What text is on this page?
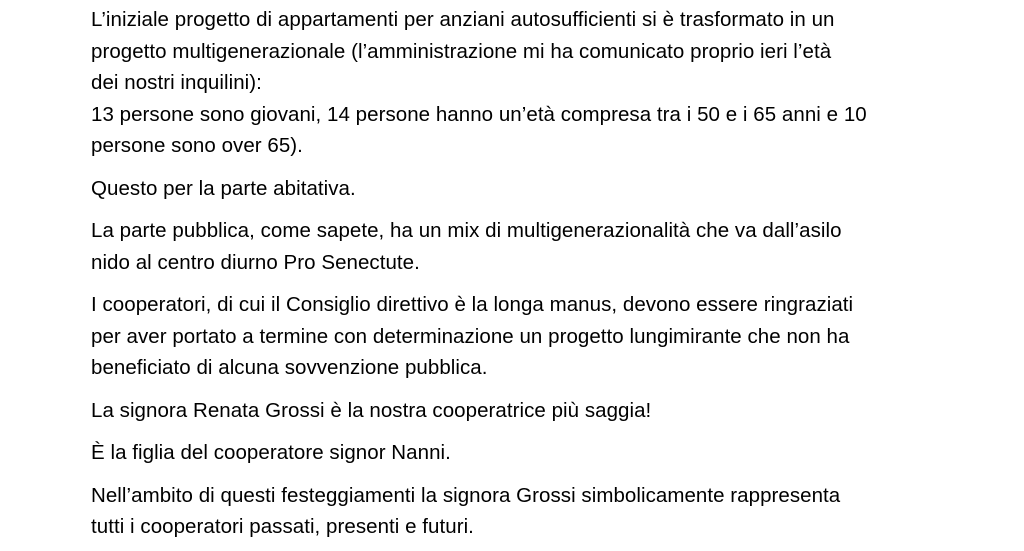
L’iniziale progetto di appartamenti per anziani autosufficienti si è trasformato in un
progetto multigenerazionale (l’amministrazione mi ha comunicato proprio ieri l’età
dei nostri inquilini):
13 persone sono giovani, 14 persone hanno un’età compresa tra i 50 e i 65 anni e 10
persone sono over 65).

Questo per la parte abitativa.

La parte pubblica, come sapete, ha un mix di multigenerazionalità che va dall’asilo
nido al centro diurno Pro Senectute.

I cooperatori, di cui il Consiglio direttivo è la longa manus, devono essere ringraziati
per aver portato a termine con determinazione un progetto lungimirante che non ha
beneficiato di alcuna sovvenzione pubblica.

La signora Renata Grossi è la nostra cooperatrice più saggia!

È la figlia del cooperatore signor Nanni.

Nell’ambito di questi festeggiamenti la signora Grossi simbolicamente rappresenta
tutti i cooperatori passati, presenti e futuri.
